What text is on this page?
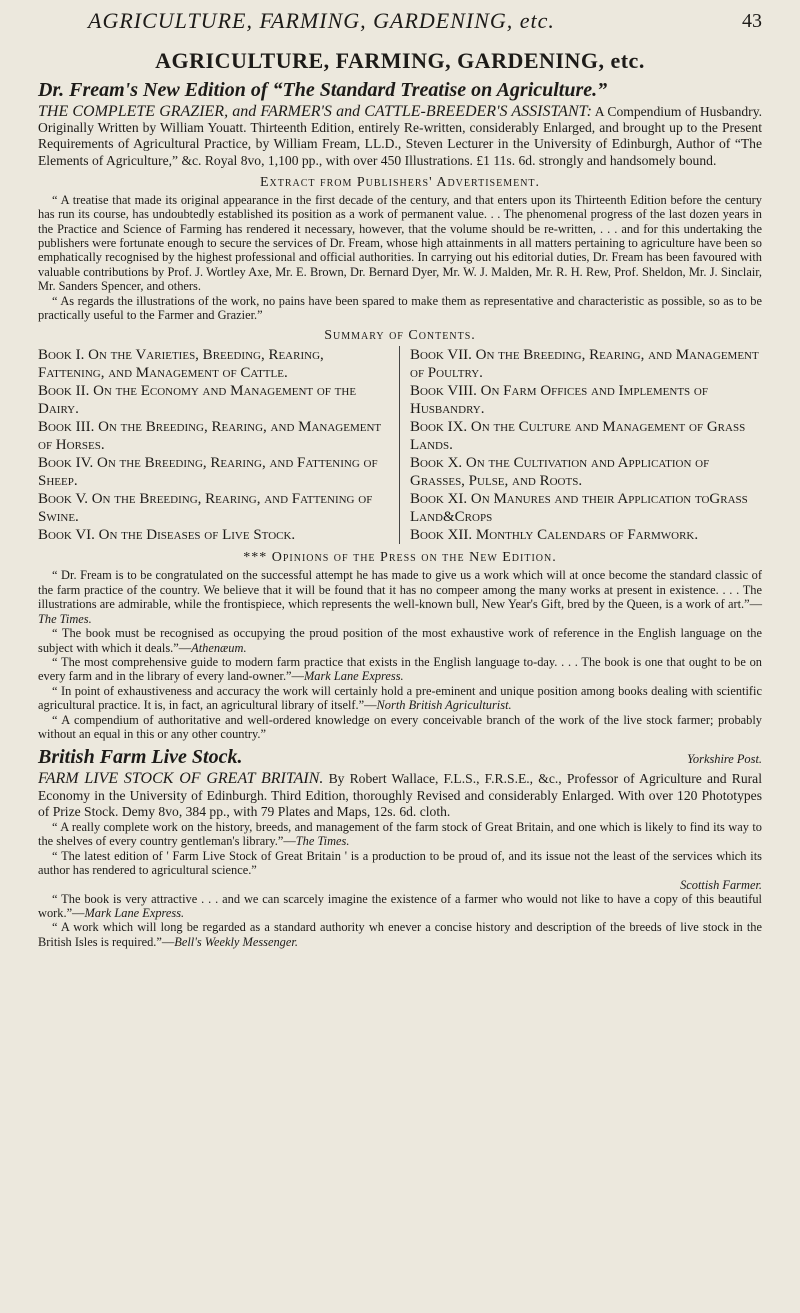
AGRICULTURE, FARMING, GARDENING, etc.	43
AGRICULTURE, FARMING, GARDENING, etc.
Dr. Fream's New Edition of “The Standard Treatise on Agriculture.”

THE COMPLETE GRAZIER, and FARMER'S and CATTLE-BREEDER'S ASSISTANT: A Compendium of Husbandry. Originally Written by William Youatt. Thirteenth Edition, entirely Re-written, considerably Enlarged, and brought up to the Present Requirements of Agricultural Practice, by William Fream, LL.D., Steven Lecturer in the University of Edinburgh, Author of “The Elements of Agriculture,” &c. Royal 8vo, 1,100 pp., with over 450 Illustrations. £1 11s. 6d. strongly and handsomely bound.

Extract from Publishers' Advertisement.

“ A treatise that made its original appearance in the first decade of the century, and that enters upon its Thirteenth Edition before the century has run its course, has undoubtedly established its position as a work of permanent value. . . The phenomenal progress of the last dozen years in the Practice and Science of Farming has rendered it necessary, however, that the volume should be re-written, . . . and for this undertaking the publishers were fortunate enough to secure the services of Dr. Fream, whose high attainments in all matters pertaining to agriculture have been so emphatically recognised by the highest professional and official authorities. In carrying out his editorial duties, Dr. Fream has been favoured with valuable contributions by Prof. J. Wortley Axe, Mr. E. Brown, Dr. Bernard Dyer, Mr. W. J. Malden, Mr. R. H. Rew, Prof. Sheldon, Mr. J. Sinclair, Mr. Sanders Spencer, and others.

“ As regards the illustrations of the work, no pains have been spared to make them as representative and characteristic as possible, so as to be practically useful to the Farmer and Grazier.”

Summary of Contents.
Book I. On the Varieties, Breeding, Rearing, Fattening, and Management of Cattle.
Book II. On the Economy and Management of the Dairy.
Book III. On the Breeding, Rearing, and Management of Horses.
Book IV. On the Breeding, Rearing, and Fattening of Sheep.
Book V. On the Breeding, Rearing, and Fattening of Swine.
Book VI. On the Diseases of Live Stock.
Book VII. On the Breeding, Rearing, and Management of Poultry.
Book VIII. On Farm Offices and Implements of Husbandry.
Book IX. On the Culture and Management of Grass Lands.
Book X. On the Cultivation and Application of Grasses, Pulse, and Roots.
Book XI. On Manures and their Application toGrass Land&Crops
Book XII. Monthly Calendars of Farmwork.
*** Opinions of the Press on the New Edition.

“ Dr. Fream is to be congratulated on the successful attempt he has made to give us a work which will at once become the standard classic of the farm practice of the country. We believe that it will be found that it has no compeer among the many works at present in existence. . . . The illustrations are admirable, while the frontispiece, which represents the well-known bull, New Year's Gift, bred by the Queen, is a work of art.”—The Times.

“ The book must be recognised as occupying the proud position of the most exhaustive work of reference in the English language on the subject with which it deals.”—Athenæum.

“ The most comprehensive guide to modern farm practice that exists in the English language to-day. . . . The book is one that ought to be on every farm and in the library of every land-owner.”—Mark Lane Express.

“ In point of exhaustiveness and accuracy the work will certainly hold a pre-eminent and unique position among books dealing with scientific agricultural practice. It is, in fact, an agricultural library of itself.”—North British Agriculturist.

“ A compendium of authoritative and well-ordered knowledge on every conceivable branch of the work of the live stock farmer; probably without an equal in this or any other country.”

British Farm Live Stock.	Yorkshire Post.

FARM LIVE STOCK OF GREAT BRITAIN. By Robert Wallace, F.L.S., F.R.S.E., &c., Professor of Agriculture and Rural Economy in the University of Edinburgh. Third Edition, thoroughly Revised and considerably Enlarged. With over 120 Phototypes of Prize Stock. Demy 8vo, 384 pp., with 79 Plates and Maps, 12s. 6d. cloth.

“ A really complete work on the history, breeds, and management of the farm stock of Great Britain, and one which is likely to find its way to the shelves of every country gentleman's library.”—The Times.

“ The latest edition of ' Farm Live Stock of Great Britain ' is a production to be proud of, and its issue not the least of the services which its author has rendered to agricultural science.”

Scottish Farmer.

“ The book is very attractive . . . and we can scarcely imagine the existence of a farmer who would not like to have a copy of this beautiful work.”—Mark Lane Express.

“ A work which will long be regarded as a standard authority wh enever a concise history and description of the breeds of live stock in the British Isles is required.”—Bell's Weekly Messenger.
